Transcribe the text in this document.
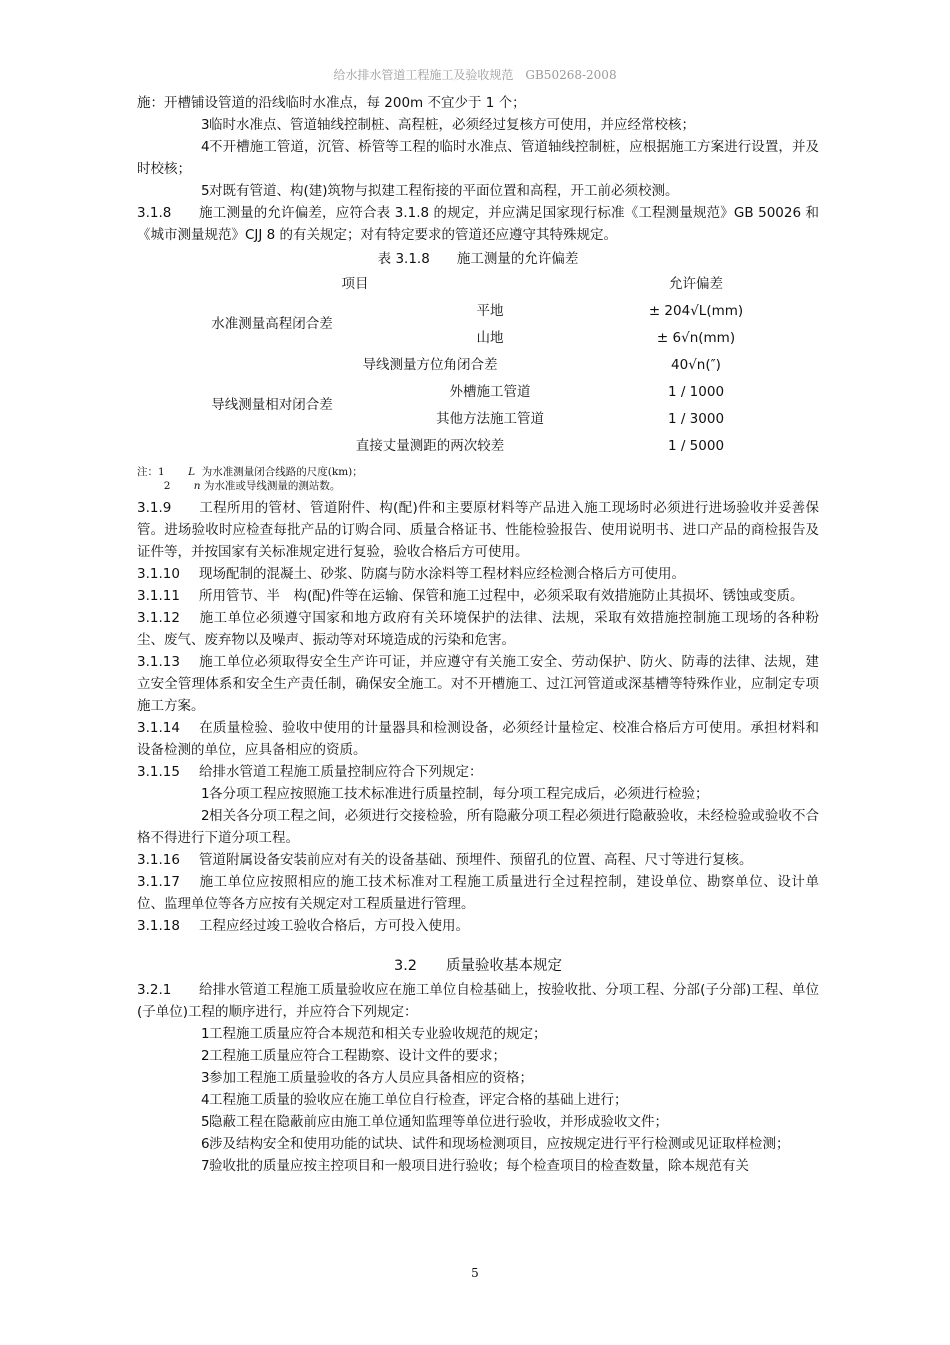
给水排水管道工程施工及验收规范　GB50268-2008

施：开槽铺设管道的沿线临时水准点，每 200m 不宜少于 1 个；

3临时水准点、管道轴线控制桩、高程桩，必须经过复核方可使用，并应经常校核；

4不开槽施工管道，沉管、桥管等工程的临时水准点、管道轴线控制桩，应根据施工方案进行设置，并及时校核；

5对既有管道、构(建)筑物与拟建工程衔接的平面位置和高程，开工前必须校测。

3.1.8 施工测量的允许偏差，应符合表 3.1.8 的规定，并应满足国家现行标准《工程测量规范》GB 50026 和《城市测量规范》CJJ 8 的有关规定；对有特定要求的管道还应遵守其特殊规定。

表 3.1.8　　施工测量的允许偏差
项目			允许偏差
水准测量高程闭合差		平地	± 204√L(mm)
		山地	± 6√n(mm)
	导线测量方位角闭合差		40√n(″)
导线测量相对闭合差		外槽施工管道	1 / 1000
		其他方法施工管道	1 / 3000
	直接丈量测距的两次较差		1 / 5000
注：1 L 为水准测量闭合线路的尺度(km)；
2 n 为水准或导线测量的测站数。

3.1.9 工程所用的管材、管道附件、构(配)件和主要原材料等产品进入施工现场时必须进行进场验收并妥善保管。进场验收时应检查每批产品的订购合同、质量合格证书、性能检验报告、使用说明书、进口产品的商检报告及证件等，并按国家有关标准规定进行复验，验收合格后方可使用。

3.1.10 现场配制的混凝土、砂浆、防腐与防水涂料等工程材料应经检测合格后方可使用。

3.1.11 所用管节、半　构(配)件等在运输、保管和施工过程中，必须采取有效措施防止其损坏、锈蚀或变质。

3.1.12 施工单位必须遵守国家和地方政府有关环境保护的法律、法规，采取有效措施控制施工现场的各种粉尘、废气、废弃物以及噪声、振动等对环境造成的污染和危害。

3.1.13 施工单位必须取得安全生产许可证，并应遵守有关施工安全、劳动保护、防火、防毒的法律、法规，建立安全管理体系和安全生产责任制，确保安全施工。对不开槽施工、过江河管道或深基槽等特殊作业，应制定专项施工方案。

3.1.14 在质量检验、验收中使用的计量器具和检测设备，必须经计量检定、校准合格后方可使用。承担材料和设备检测的单位，应具备相应的资质。

3.1.15 给排水管道工程施工质量控制应符合下列规定：

1各分项工程应按照施工技术标准进行质量控制，每分项工程完成后，必须进行检验；

2相关各分项工程之间，必须进行交接检验，所有隐蔽分项工程必须进行隐蔽验收，未经检验或验收不合格不得进行下道分项工程。

3.1.16 管道附属设备安装前应对有关的设备基础、预埋件、预留孔的位置、高程、尺寸等进行复核。

3.1.17 施工单位应按照相应的施工技术标准对工程施工质量进行全过程控制，建设单位、勘察单位、设计单位、监理单位等各方应按有关规定对工程质量进行管理。

3.1.18 工程应经过竣工验收合格后，方可投入使用。

3.2　　质量验收基本规定

3.2.1 给排水管道工程施工质量验收应在施工单位自检基础上，按验收批、分项工程、分部(子分部)工程、单位(子单位)工程的顺序进行，并应符合下列规定：

1工程施工质量应符合本规范和相关专业验收规范的规定；

2工程施工质量应符合工程勘察、设计文件的要求；

3参加工程施工质量验收的各方人员应具备相应的资格；

4工程施工质量的验收应在施工单位自行检查，评定合格的基础上进行；

5隐蔽工程在隐蔽前应由施工单位通知监理等单位进行验收，并形成验收文件；

6涉及结构安全和使用功能的试块、试件和现场检测项目，应按规定进行平行检测或见证取样检测；

7验收批的质量应按主控项目和一般项目进行验收；每个检查项目的检查数量，除本规范有关

5
